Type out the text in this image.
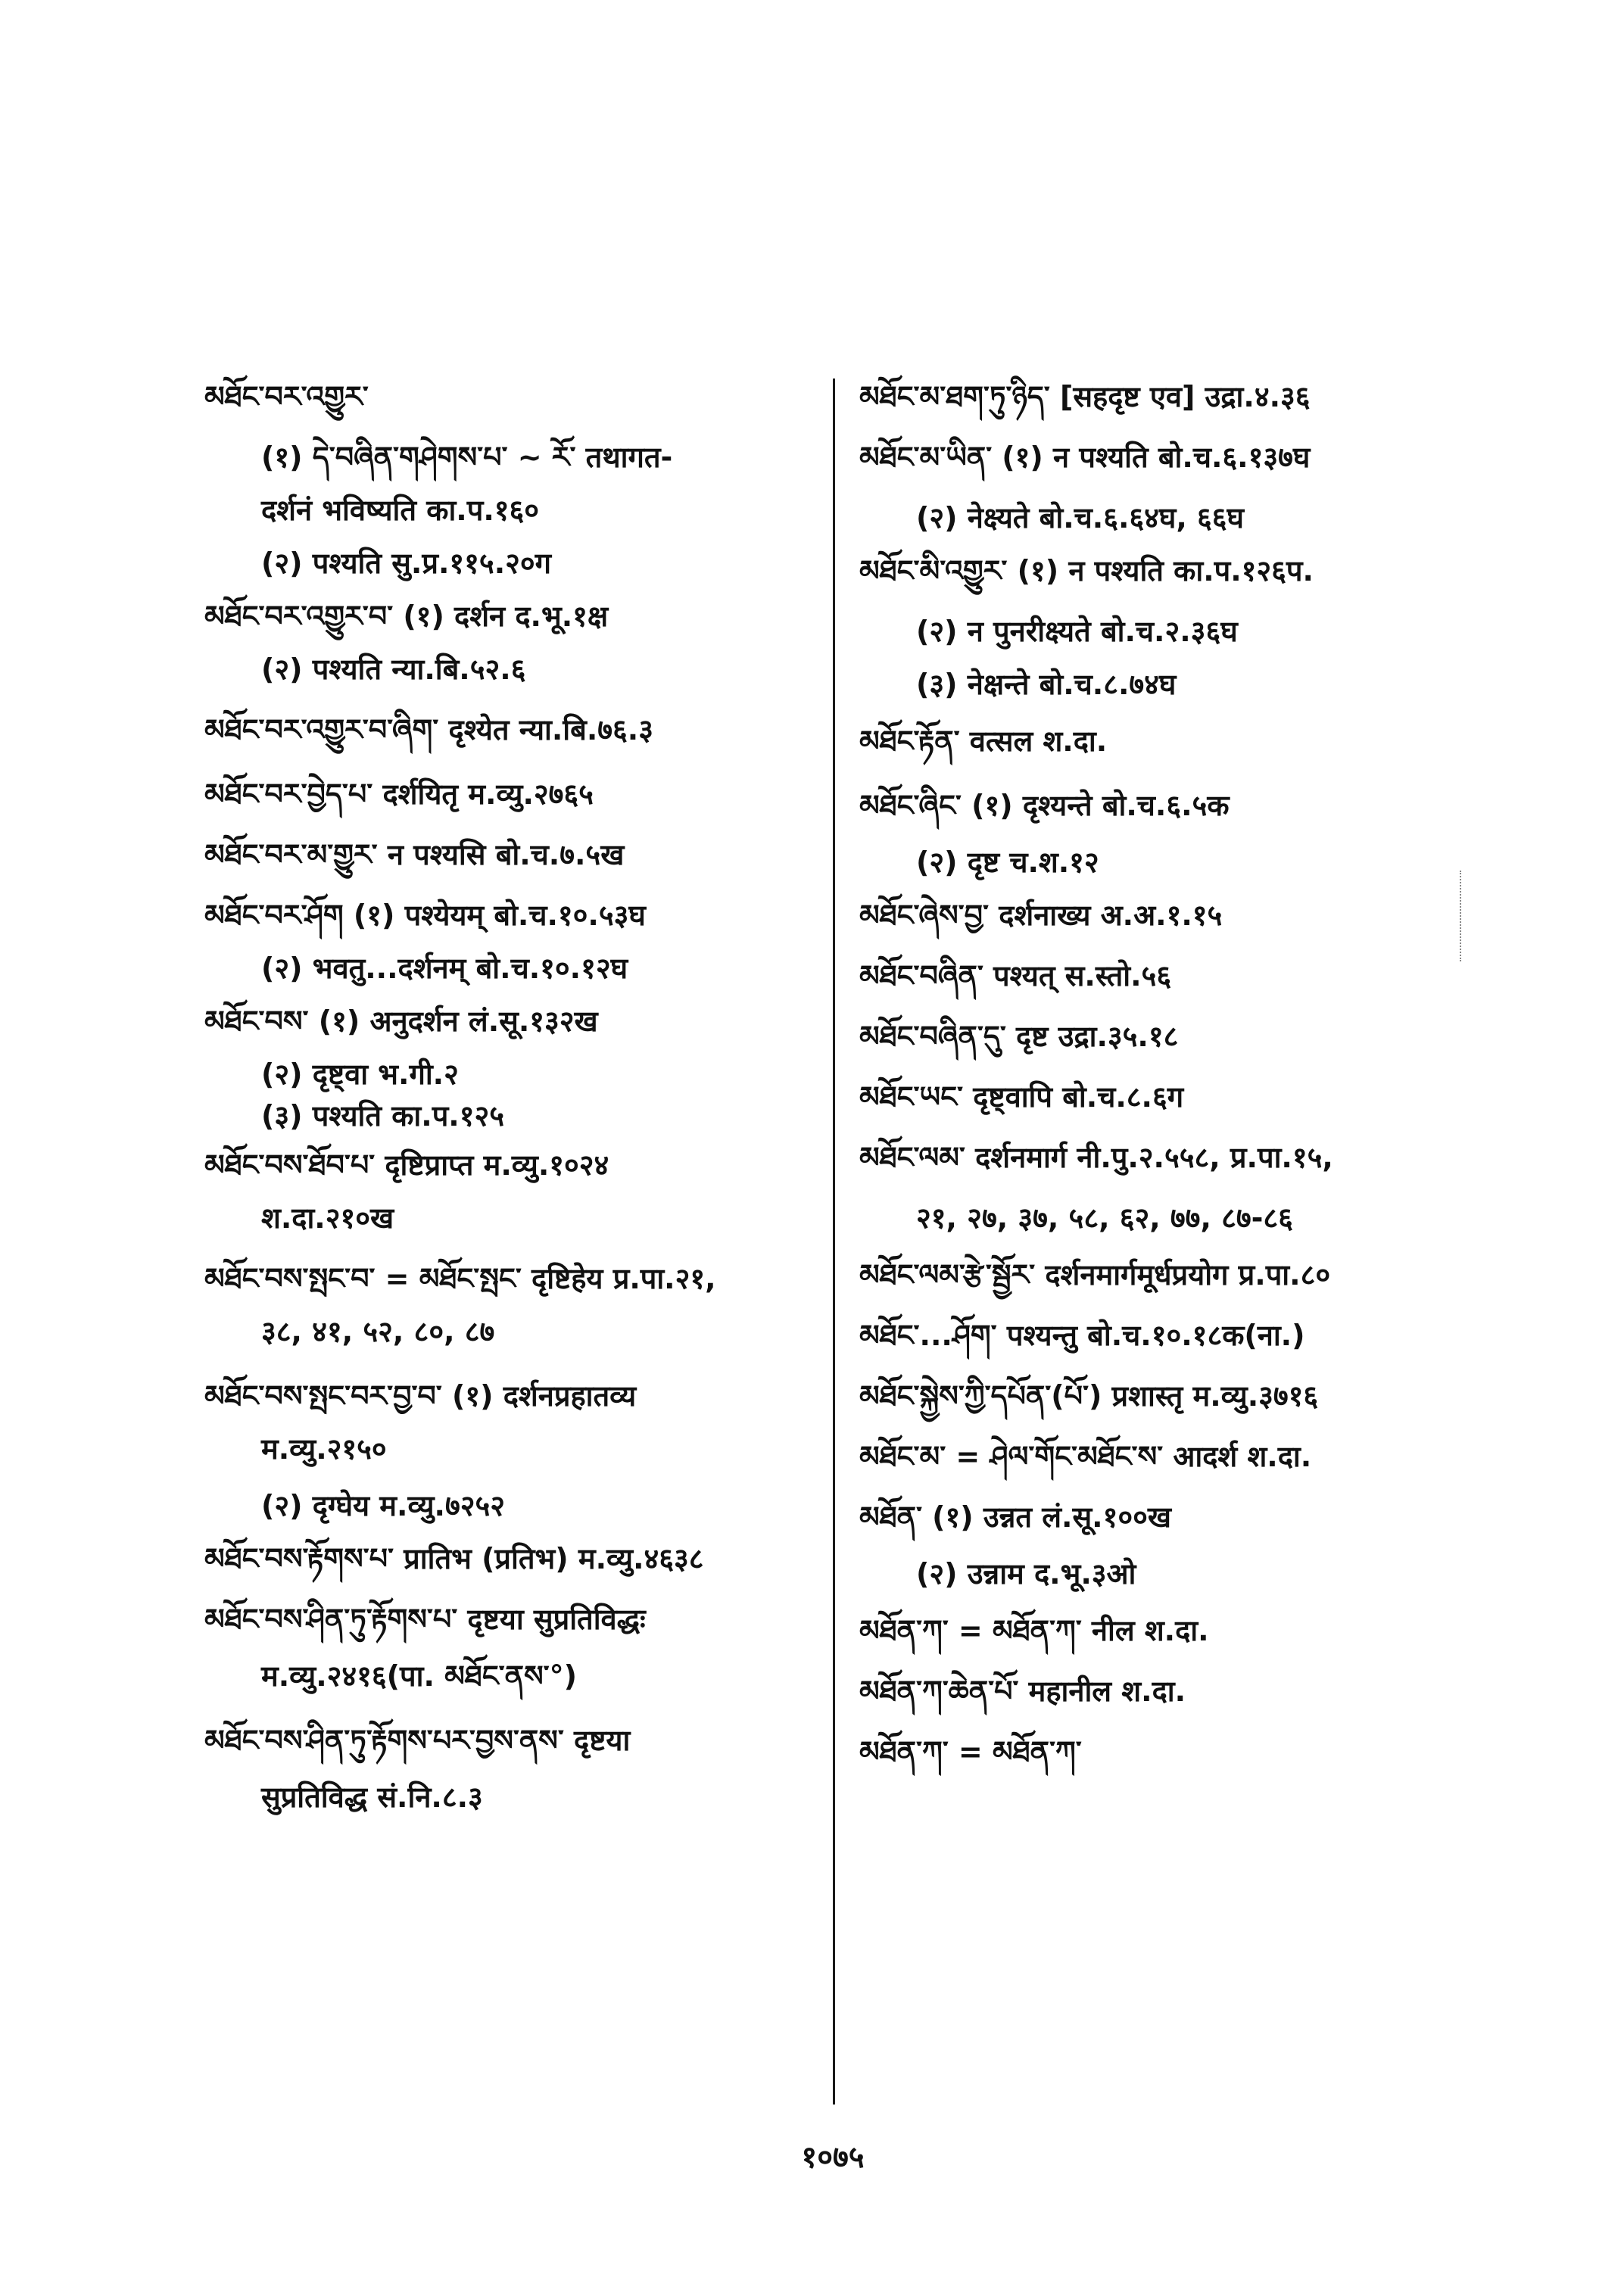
མཐོང་བར་འགྱུར་
(१) དེ་བཞིན་གཤེགས་པ་ ~ རོ་ तथागत-
दर्शनं भविष्यति का.प.१६०
(२) पश्यति सु.प्र.११५.२०ग
མཐོང་བར་འགྱུར་བ་ (१) दर्शन द.भू.१क्ष
(२) पश्यति न्या.बि.५२.६
མཐོང་བར་འགྱུར་བ་ཞིག་ दृश्येत न्या.बि.७६.३
མཐོང་བར་བྱེད་པ་ दर्शयितृ म.व्यु.२७६५
མཐོང་བར་མ་གྱུར་ न पश्यसि बो.च.७.५ख
མཐོང་བར་ཤོག (१) पश्येयम् बो.च.१०.५३घ
(२) भवतु...दर्शनम् बो.च.१०.१२घ
མཐོང་བས་ (१) अनुदर्शन लं.सू.१३२ख
(२) दृष्ट्वा भ.गी.२
(३) पश्यति का.प.१२५
མཐོང་བས་ཐོབ་པ་ दृष्टिप्राप्त म.व्यु.१०२४
श.दा.२१०ख
མཐོང་བས་སྤང་བ་ = མཐོང་སྤང་ दृष्टिहेय प्र.पा.२१,
३८, ४१, ५२, ८०, ८७
མཐོང་བས་སྤང་བར་བྱ་བ་ (१) दर्शनप्रहातव्य
म.व्यु.२१५०
(२) दृग्घेय म.व्यु.७२५२
མཐོང་བས་རྟོགས་པ་ प्रातिभ (प्रतिभ) म.व्यु.४६३८
མཐོང་བས་ཤིན་ཏུ་རྟོགས་པ་ दृष्टया सुप्रतिविद्धः
म.व्यु.२४१६(पा. མཐོང་ནས་°)
མཐོང་བས་ཤིན་ཏུ་རྟོགས་པར་བྱས་ནས་ दृष्टया
सुप्रतिविद्ध सं.नि.८.३
མཐོང་མ་ཐག་ཏུ་ཉིད་ [सहदृष्ट एव] उद्रा.४.३६
མཐོང་མ་ཡིན་ (१) न पश्यति बो.च.६.१३७घ
(२) नेक्ष्यते बो.च.६.६४घ, ६६घ
མཐོང་མི་འགྱུར་ (१) न पश्यति का.प.१२६प.
(२) न पुनरीक्ष्यते बो.च.२.३६घ
(३) नेक्षन्ते बो.च.८.७४घ
མཐོང་རྟོན་ वत्सल श.दा.
མཐོང་ཞིང་ (१) दृश्यन्ते बो.च.६.५क
(२) दृष्ट च.श.१२
མཐོང་ཞེས་བྱ་ दर्शनाख्य अ.अ.१.१५
མཐོང་བཞིན་ पश्यत् स.स्तो.५६
མཐོང་བཞིན་དུ་ दृष्ट उद्रा.३५.१८
མཐོང་ཡང་ दृष्ट्वापि बो.च.८.६ग
མཐོང་ལམ་ दर्शनमार्ग नी.पु.२.५५८, प्र.पा.१५,
२१, २७, ३७, ५८, ६२, ७७, ८७-८६
མཐོང་ལམ་རྩེ་སྦྱོར་ दर्शनमार्गमूर्धप्रयोग प्र.पा.८०
མཐོང་...ཤོག་ पश्यन्तु बो.च.१०.१८क(ना.)
མཐོང་སྐྱེས་ཀྱི་དཔོན་(པོ་) प्रशास्तृ म.व्यु.३७१६
མཐོང་མ་ = ཤེལ་གོང་མཐོང་ས་ आदर्श श.दा.
མཐོན་ (१) उन्नत लं.सू.१००ख
(२) उन्नाम द.भू.३ओ
མཐོན་ཀ་ = མཐོན་ཀ་ नील श.दा.
མཐོན་ཀ་ཆེན་པོ་ महानील श.दा.
མཐོན་ཀ་ = མཐོན་ཀ་
१०७५
